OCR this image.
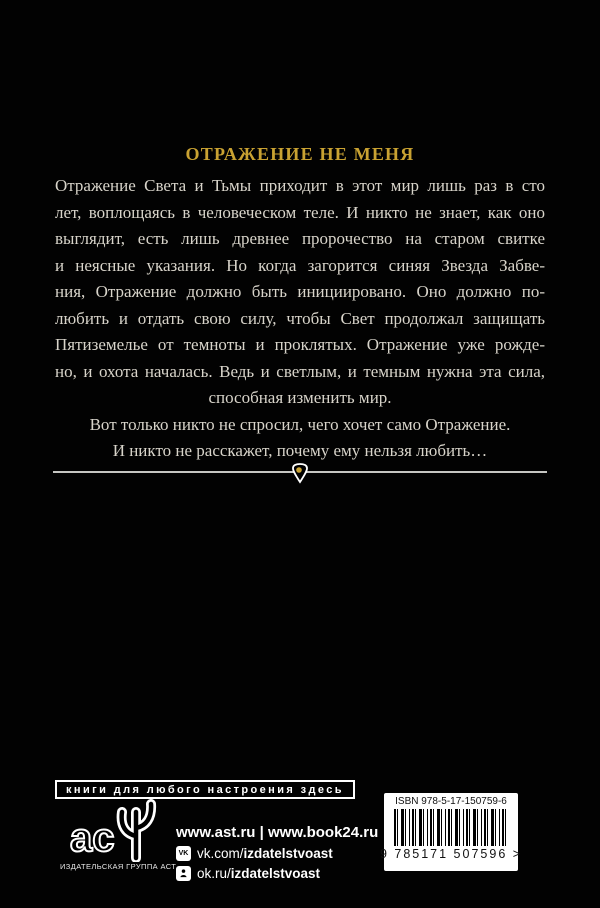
ОТРАЖЕНИЕ НЕ МЕНЯ
Отражение Света и Тьмы приходит в этот мир лишь раз в сто
лет, воплощаясь в человеческом теле. И никто не знает, как оно
выглядит, есть лишь древнее пророчество на старом свитке
и неясные указания. Но когда загорится синяя Звезда Забве-
ния, Отражение должно быть инициировано. Оно должно по-
любить и отдать свою силу, чтобы Свет продолжал защищать
Пятиземелье от темноты и проклятых. Отражение уже рожде-
но, и охота началась. Ведь и светлым, и темным нужна эта сила,
способная изменить мир.
Вот только никто не спросил, чего хочет само Отражение.
И никто не расскажет, почему ему нельзя любить…
книги для любого настроения здесь
ас
ИЗДАТЕЛЬСКАЯ ГРУППА АСТ
www.ast.ru | www.book24.ru
VK vk.com/izdatelstvoast
ok.ru/izdatelstvoast
ISBN 978-5-17-150759-6
9 785171 507596 >
